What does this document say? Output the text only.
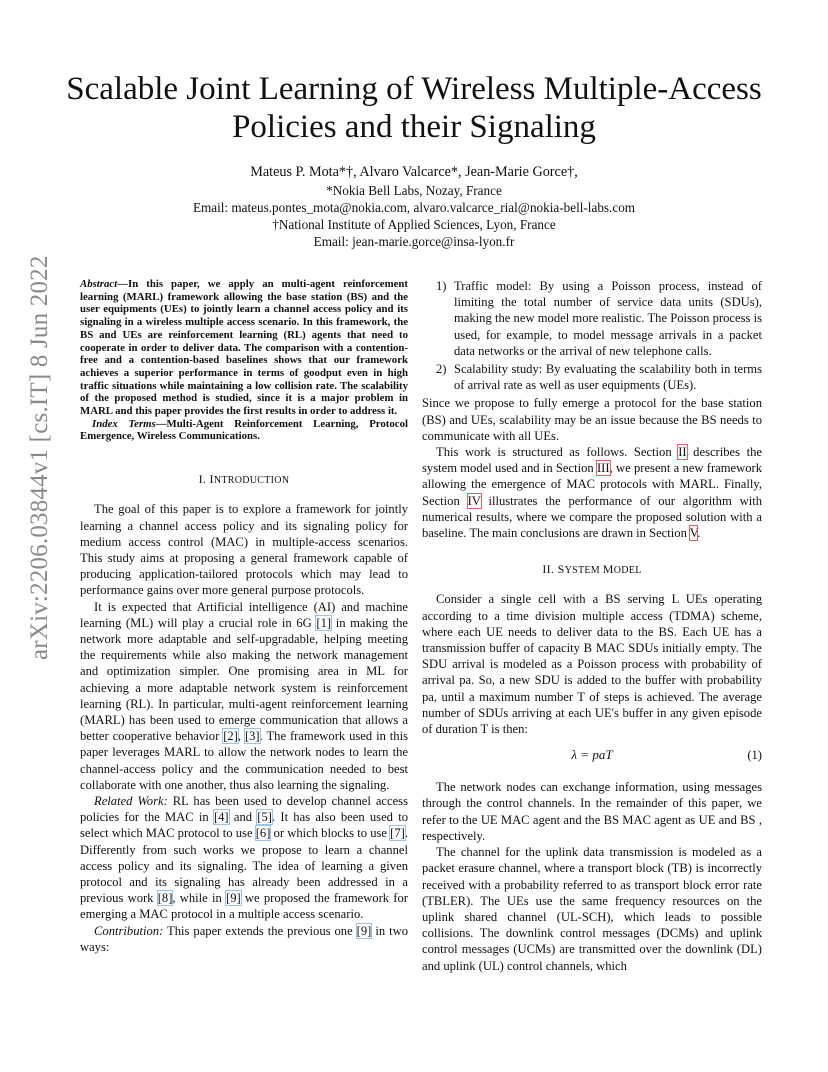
arXiv:2206.03844v1 [cs.IT] 8 Jun 2022
Scalable Joint Learning of Wireless Multiple-Access
Policies and their Signaling
Mateus P. Mota*†, Alvaro Valcarce*, Jean-Marie Gorce†,
*Nokia Bell Labs, Nozay, France
Email: mateus.pontes_mota@nokia.com, alvaro.valcarce_rial@nokia-bell-labs.com
†National Institute of Applied Sciences, Lyon, France
Email: jean-marie.gorce@insa-lyon.fr

Abstract—In this paper, we apply an multi-agent reinforcement learning (MARL) framework allowing the base station (BS) and the user equipments (UEs) to jointly learn a channel access policy and its signaling in a wireless multiple access scenario. In this framework, the BS and UEs are reinforcement learning (RL) agents that need to cooperate in order to deliver data. The comparison with a contention-free and a contention-based baselines shows that our framework achieves a superior performance in terms of goodput even in high traffic situations while maintaining a low collision rate. The scalability of the proposed method is studied, since it is a major problem in MARL and this paper provides the first results in order to address it.

Index Terms—Multi-Agent Reinforcement Learning, Protocol Emergence, Wireless Communications.

I. INTRODUCTION

The goal of this paper is to explore a framework for jointly learning a channel access policy and its signaling policy for medium access control (MAC) in multiple-access scenarios. This study aims at proposing a general framework capable of producing application-tailored protocols which may lead to performance gains over more general purpose protocols.

It is expected that Artificial intelligence (AI) and machine learning (ML) will play a crucial role in 6G [1] in making the network more adaptable and self-upgradable, helping meeting the requirements while also making the network management and optimization simpler. One promising area in ML for achieving a more adaptable network system is reinforcement learning (RL). In particular, multi-agent reinforcement learning (MARL) has been used to emerge communication that allows a better cooperative behavior [2], [3]. The framework used in this paper leverages MARL to allow the network nodes to learn the channel-access policy and the communication needed to best collaborate with one another, thus also learning the signaling.

Related Work: RL has been used to develop channel access policies for the MAC in [4] and [5]. It has also been used to select which MAC protocol to use [6] or which blocks to use [7]. Differently from such works we propose to learn a channel access policy and its signaling. The idea of learning a given protocol and its signaling has already been addressed in a previous work [8], while in [9] we proposed the framework for emerging a MAC protocol in a multiple access scenario.

Contribution: This paper extends the previous one [9] in two ways:

1) Traffic model: By using a Poisson process, instead of limiting the total number of service data units (SDUs), making the new model more realistic. The Poisson process is used, for example, to model message arrivals in a packet data networks or the arrival of new telephone calls.
2) Scalability study: By evaluating the scalability both in terms of arrival rate as well as user equipments (UEs).

Since we propose to fully emerge a protocol for the base station (BS) and UEs, scalability may be an issue because the BS needs to communicate with all UEs.

This work is structured as follows. Section II describes the system model used and in Section III, we present a new framework allowing the emergence of MAC protocols with MARL. Finally, Section IV illustrates the performance of our algorithm with numerical results, where we compare the proposed solution with a baseline. The main conclusions are drawn in Section V.

II. SYSTEM MODEL

Consider a single cell with a BS serving L UEs operating according to a time division multiple access (TDMA) scheme, where each UE needs to deliver data to the BS. Each UE has a transmission buffer of capacity B MAC SDUs initially empty. The SDU arrival is modeled as a Poisson process with probability of arrival pa. So, a new SDU is added to the buffer with probability pa, until a maximum number T of steps is achieved. The average number of SDUs arriving at each UE's buffer in any given episode of duration T is then:

λ = paT	(1)

The network nodes can exchange information, using messages through the control channels. In the remainder of this paper, we refer to the UE MAC agent and the BS MAC agent as UE and BS , respectively.

The channel for the uplink data transmission is modeled as a packet erasure channel, where a transport block (TB) is incorrectly received with a probability referred to as transport block error rate (TBLER). The UEs use the same frequency resources on the uplink shared channel (UL-SCH), which leads to possible collisions. The downlink control messages (DCMs) and uplink control messages (UCMs) are transmitted over the downlink (DL) and uplink (UL) control channels, which
